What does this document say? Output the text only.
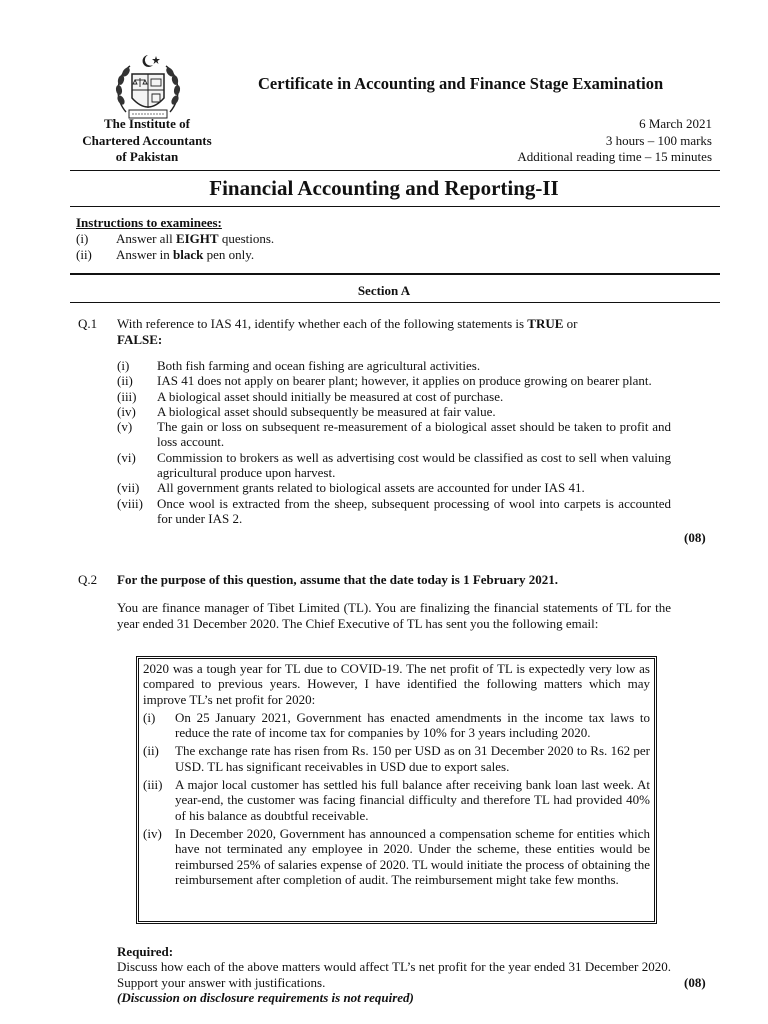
Certificate in Accounting and Finance Stage Examination
The Institute of
Chartered Accountants
of Pakistan
6 March 2021
3 hours – 100 marks
Additional reading time – 15 minutes
Financial Accounting and Reporting-II
Instructions to examinees:
(i)	Answer all EIGHT questions.
(ii)	Answer in black pen only.
Section A
Q.1 With reference to IAS 41, identify whether each of the following statements is TRUE or
FALSE:
(i)	Both fish farming and ocean fishing are agricultural activities.
(ii)	IAS 41 does not apply on bearer plant; however, it applies on produce growing on bearer plant.
(iii)	A biological asset should initially be measured at cost of purchase.
(iv)	A biological asset should subsequently be measured at fair value.
(v)	The gain or loss on subsequent re-measurement of a biological asset should be taken to profit and loss account.
(vi)	Commission to brokers as well as advertising cost would be classified as cost to sell when valuing agricultural produce upon harvest.
(vii)	All government grants related to biological assets are accounted for under IAS 41.
(viii)	Once wool is extracted from the sheep, subsequent processing of wool into carpets is accounted for under IAS 2.
(08)
Q.2 For the purpose of this question, assume that the date today is 1 February 2021.
You are finance manager of Tibet Limited (TL). You are finalizing the financial statements of TL for the year ended 31 December 2020. The Chief Executive of TL has sent you the following email:
2020 was a tough year for TL due to COVID-19. The net profit of TL is expectedly very low as compared to previous years. However, I have identified the following matters which may improve TL’s net profit for 2020:
(i)	On 25 January 2021, Government has enacted amendments in the income tax laws to reduce the rate of income tax for companies by 10% for 3 years including 2020.
(ii)	The exchange rate has risen from Rs. 150 per USD as on 31 December 2020 to Rs. 162 per USD. TL has significant receivables in USD due to export sales.
(iii) A major local customer has settled his full balance after receiving bank loan last week. At year-end, the customer was facing financial difficulty and therefore TL had provided 40% of his balance as doubtful receivable.
(iv)	In December 2020, Government has announced a compensation scheme for entities which have not terminated any employee in 2020. Under the scheme, these entities would be reimbursed 25% of salaries expense of 2020. TL would initiate the process of obtaining the reimbursement after completion of audit. The reimbursement might take few months.
Required:
Discuss how each of the above matters would affect TL’s net profit for the year ended 31 December 2020. Support your answer with justifications.
(Discussion on disclosure requirements is not required)
(08)
